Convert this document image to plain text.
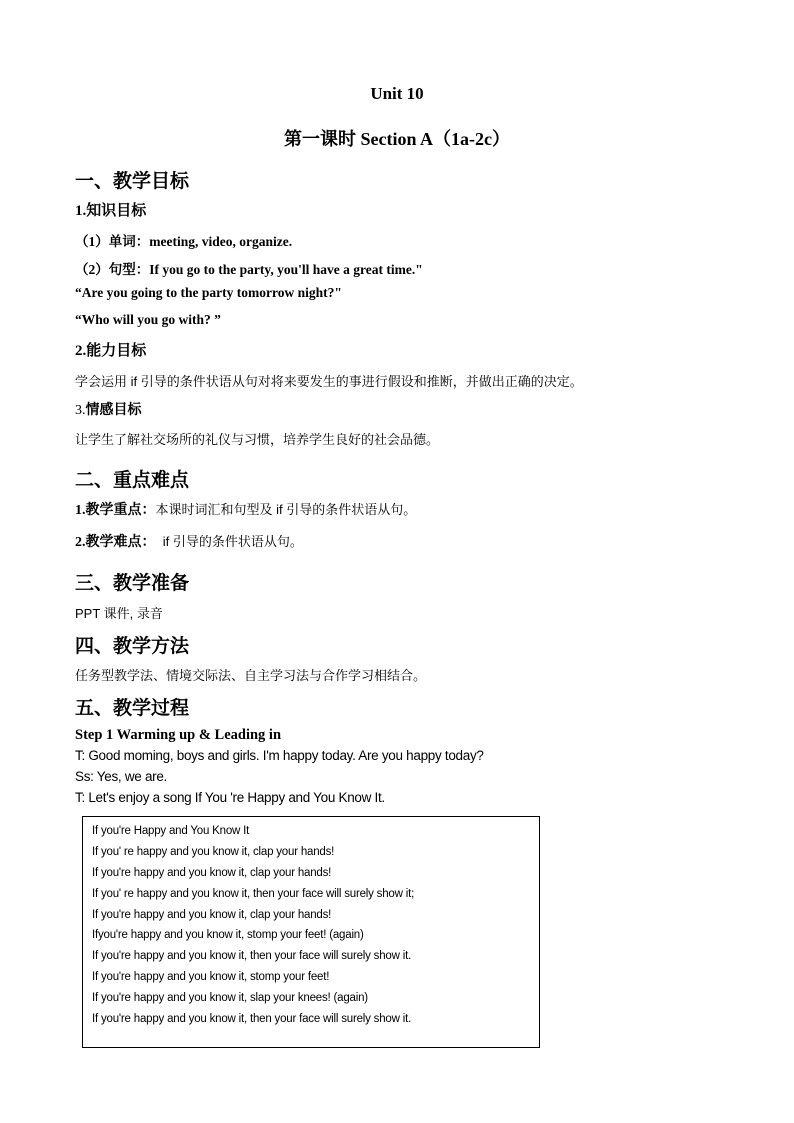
Unit 10
第一课时 Section A（1a-2c）
一、教学目标
1.知识目标
（1）单词：meeting, video, organize.
（2）句型：If you go to the party, you'll have a great time."
“Are you going to the party tomorrow night?"
“Who will you go with? ”
2.能力目标
学会运用 if 引导的条件状语从句对将来要发生的事进行假设和推断，并做出正确的决定。
3.情感目标
让学生了解社交场所的礼仪与习惯，培养学生良好的社会品德。
二、重点难点
1.教学重点：本课时词汇和句型及 if 引导的条件状语从句。
2.教学难点：  if 引导的条件状语从句。
三、教学准备
PPT 课件, 录音
四、教学方法
任务型教学法、情境交际法、自主学习法与合作学习相结合。
五、教学过程
Step 1 Warming up & Leading in
T: Good moming, boys and girls. I'm happy today. Are you happy today?
Ss: Yes, we are.
T: Let's enjoy a song If You 're Happy and You Know It.
If you're Happy and You Know It
If you' re happy and you know it, clap your hands!
If you're happy and you know it, clap your hands!
If you' re happy and you know it, then your face will surely show it;
If you're happy and you know it, clap your hands!
Ifyou're happy and you know it, stomp your feet! (again)
If you're happy and you know it, then your face will surely show it.
If you're happy and you know it, stomp your feet!
If you're happy and you know it, slap your knees! (again)
If you're happy and you know it, then your face will surely show it.
